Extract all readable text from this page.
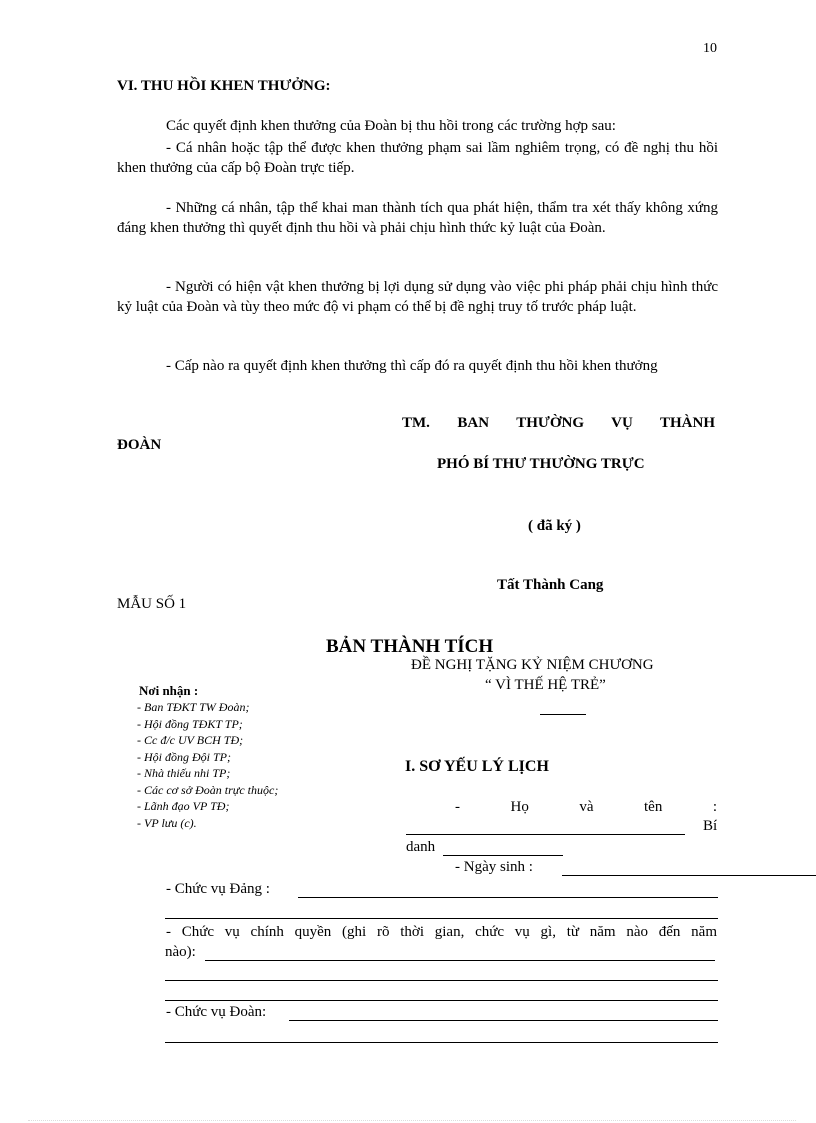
10
VI. THU HỒI KHEN THƯỞNG:
Các quyết định khen thưởng của Đoàn bị thu hồi trong các trường hợp sau:
- Cá nhân hoặc tập thể được khen thưởng phạm sai lầm nghiêm trọng, có đề nghị thu hồi khen thưởng của cấp bộ Đoàn trực tiếp.
- Những cá nhân, tập thể khai man thành tích qua phát hiện, thẩm tra xét thấy không xứng đáng khen thưởng thì quyết định thu hồi và phải chịu hình thức kỷ luật của Đoàn.
- Người có hiện vật khen thưởng bị lợi dụng sử dụng vào việc phi pháp phải chịu hình thức kỷ luật của Đoàn và tùy theo mức độ vi phạm có thể bị đề nghị truy tố trước pháp luật.
- Cấp nào ra quyết định khen thưởng thì cấp đó ra quyết định thu hồi khen thưởng
TM. BAN THƯỜNG VỤ THÀNH
ĐOÀN
PHÓ BÍ THƯ THƯỜNG TRỰC
( đã ký )
Tất Thành Cang
MẪU SỐ 1
BẢN THÀNH TÍCH
ĐỀ NGHỊ TẶNG KỶ NIỆM CHƯƠNG
“ VÌ THẾ HỆ TRẺ”
Nơi nhận :
- Ban TĐKT TW Đoàn;
- Hội đồng TĐKT TP;
- Cc đ/c UV BCH TĐ;
- Hội đồng Đội TP;
- Nhà thiếu nhi TP;
- Các cơ sở Đoàn trực thuộc;
- Lãnh đạo VP TĐ;
- VP lưu (c).
I. SƠ YẾU LÝ LỊCH
- Họ và tên :
Bí
danh
- Ngày sinh :
- Chức vụ Đảng :
- Chức vụ chính quyền (ghi rõ thời gian, chức vụ gì, từ năm nào đến năm
nào):
- Chức vụ Đoàn:
